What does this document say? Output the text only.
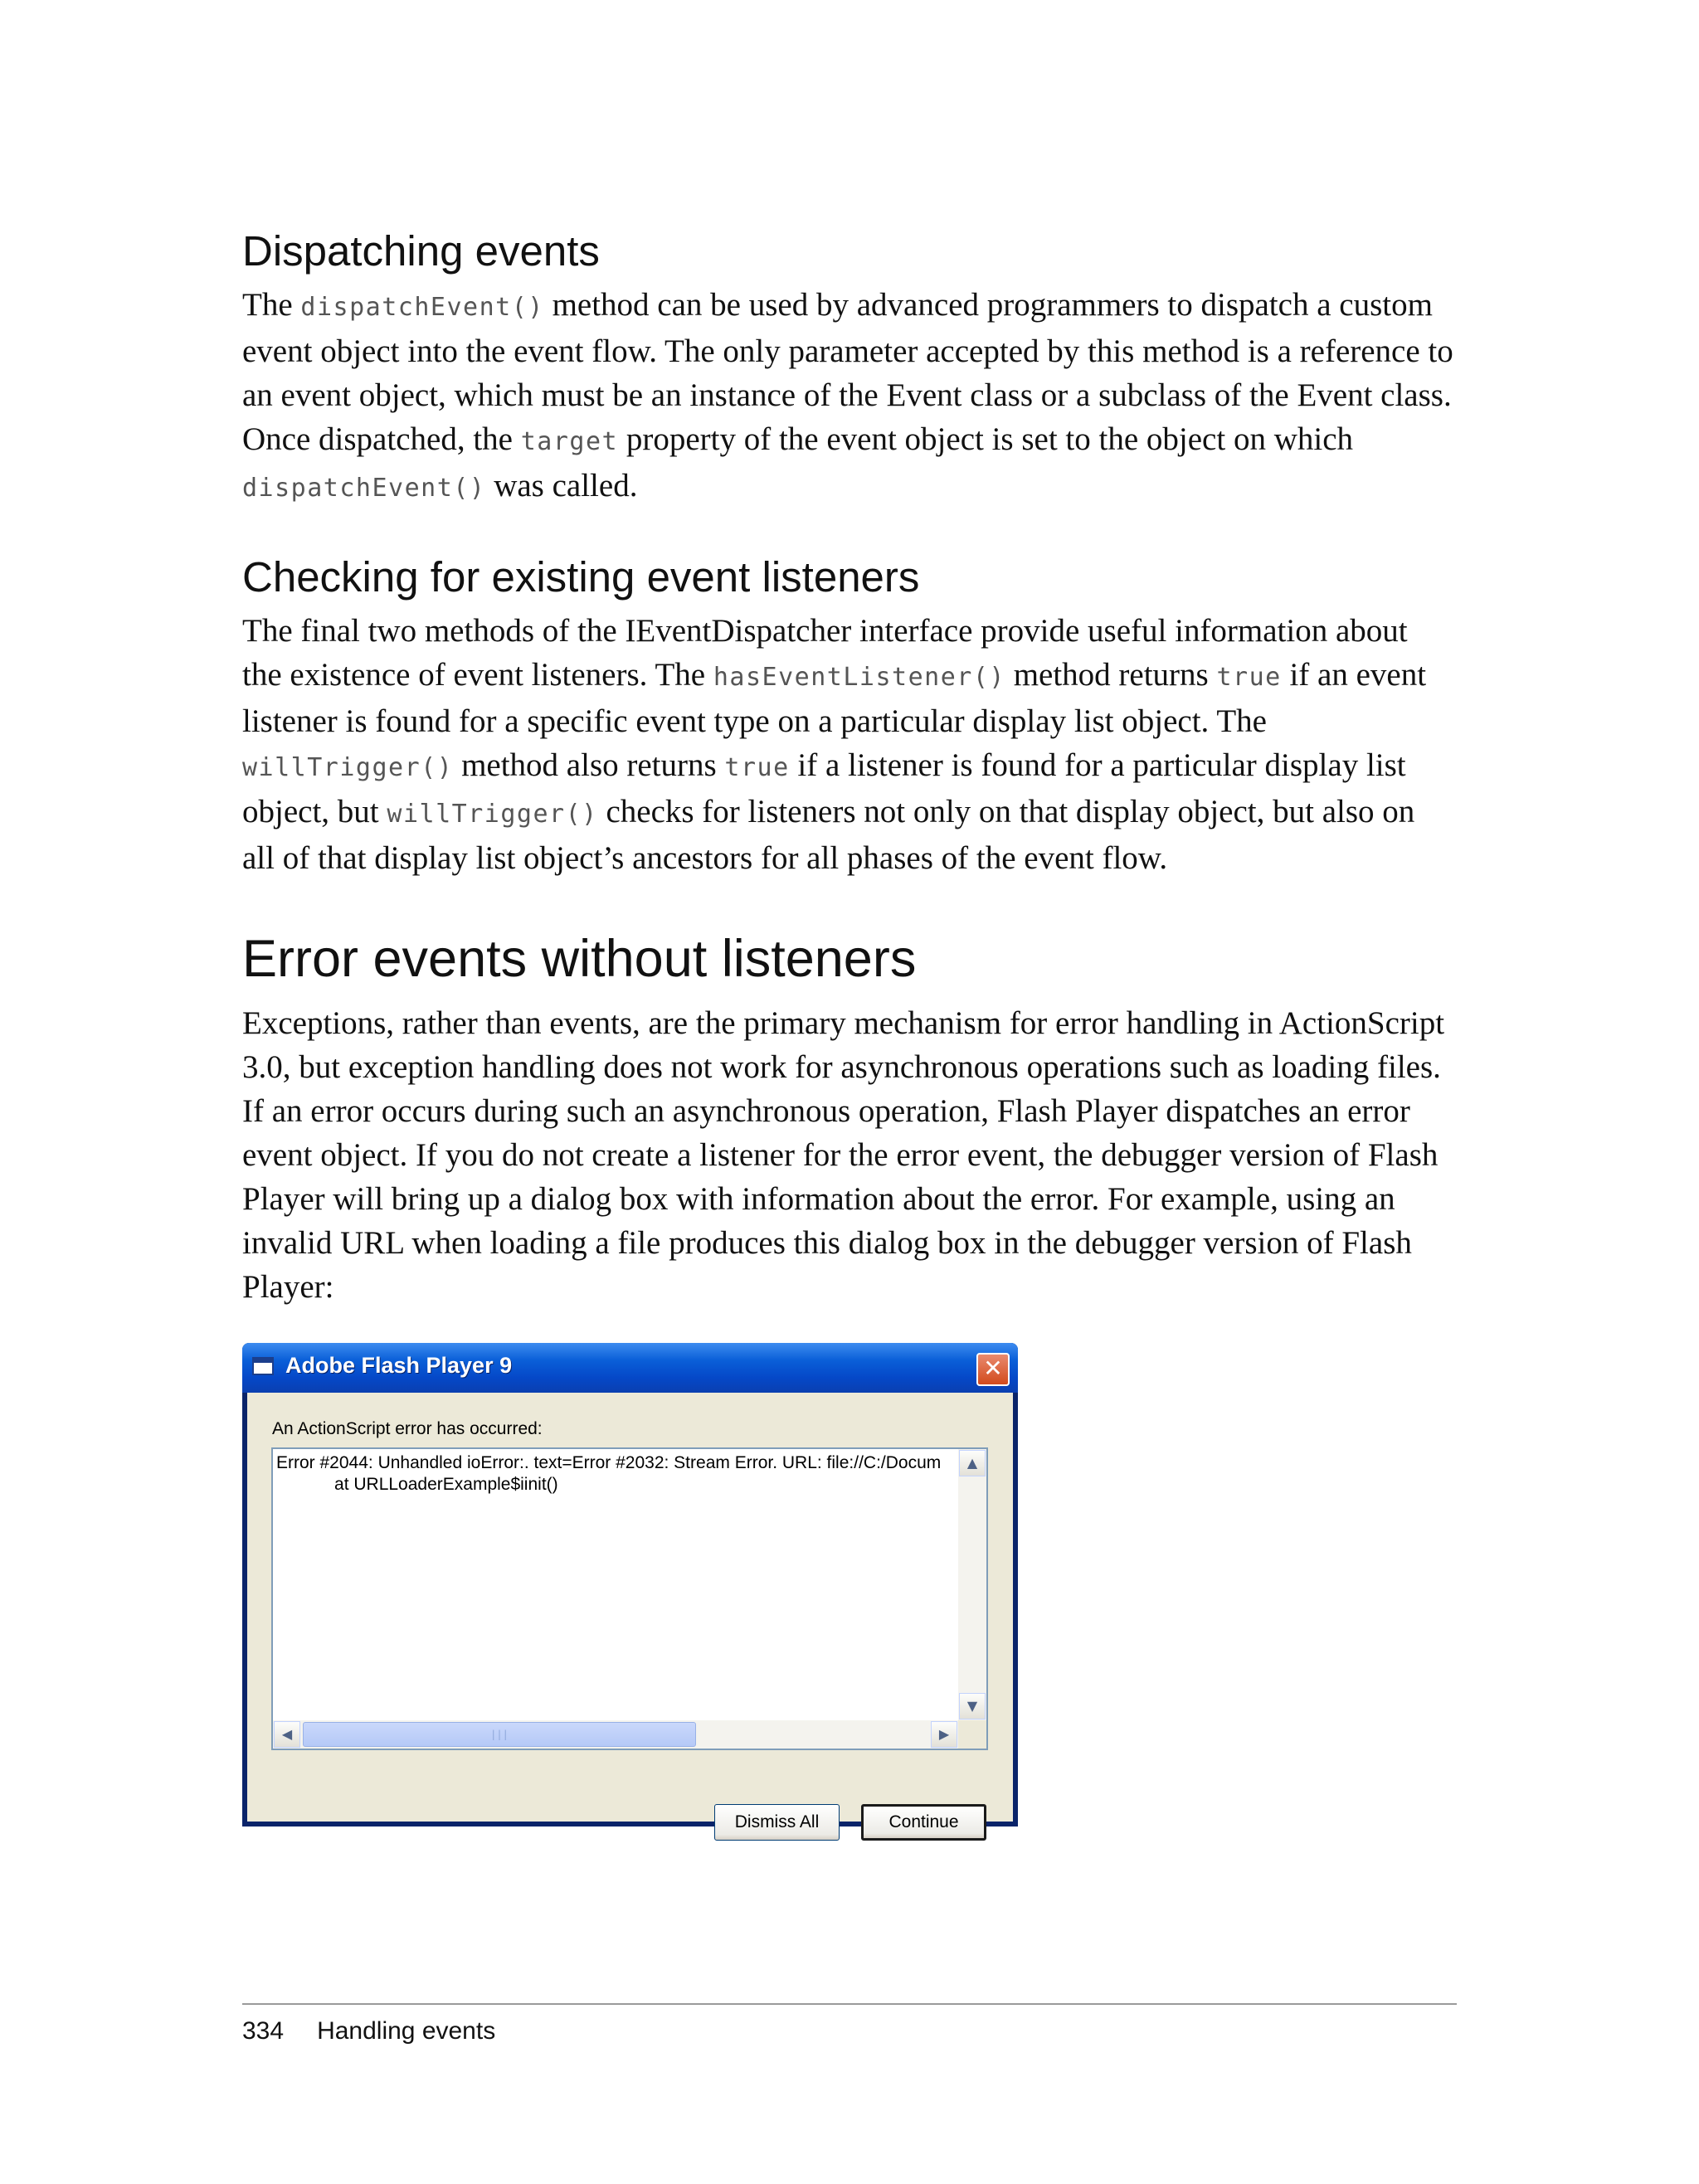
Dispatching events

The dispatchEvent() method can be used by advanced programmers to dispatch a custom event object into the event flow. The only parameter accepted by this method is a reference to an event object, which must be an instance of the Event class or a subclass of the Event class. Once dispatched, the target property of the event object is set to the object on which dispatchEvent() was called.

Checking for existing event listeners

The final two methods of the IEventDispatcher interface provide useful information about the existence of event listeners. The hasEventListener() method returns true if an event listener is found for a specific event type on a particular display list object. The willTrigger() method also returns true if a listener is found for a particular display list object, but willTrigger() checks for listeners not only on that display object, but also on all of that display list object’s ancestors for all phases of the event flow.

Error events without listeners

Exceptions, rather than events, are the primary mechanism for error handling in ActionScript 3.0, but exception handling does not work for asynchronous operations such as loading files. If an error occurs during such an asynchronous operation, Flash Player dispatches an error event object. If you do not create a listener for the error event, the debugger version of Flash Player will bring up a dialog box with information about the error. For example, using an invalid URL when loading a file produces this dialog box in the debugger version of Flash Player:

Adobe Flash Player 9	✕
An ActionScript error has occurred:
Error #2044: Unhandled ioError:. text=Error #2032: Stream Error. URL: file://C:/Docum
at URLLoaderExample$iinit()
▲
▼
◀	|||	▶
Dismiss All	Continue
334 Handling events
